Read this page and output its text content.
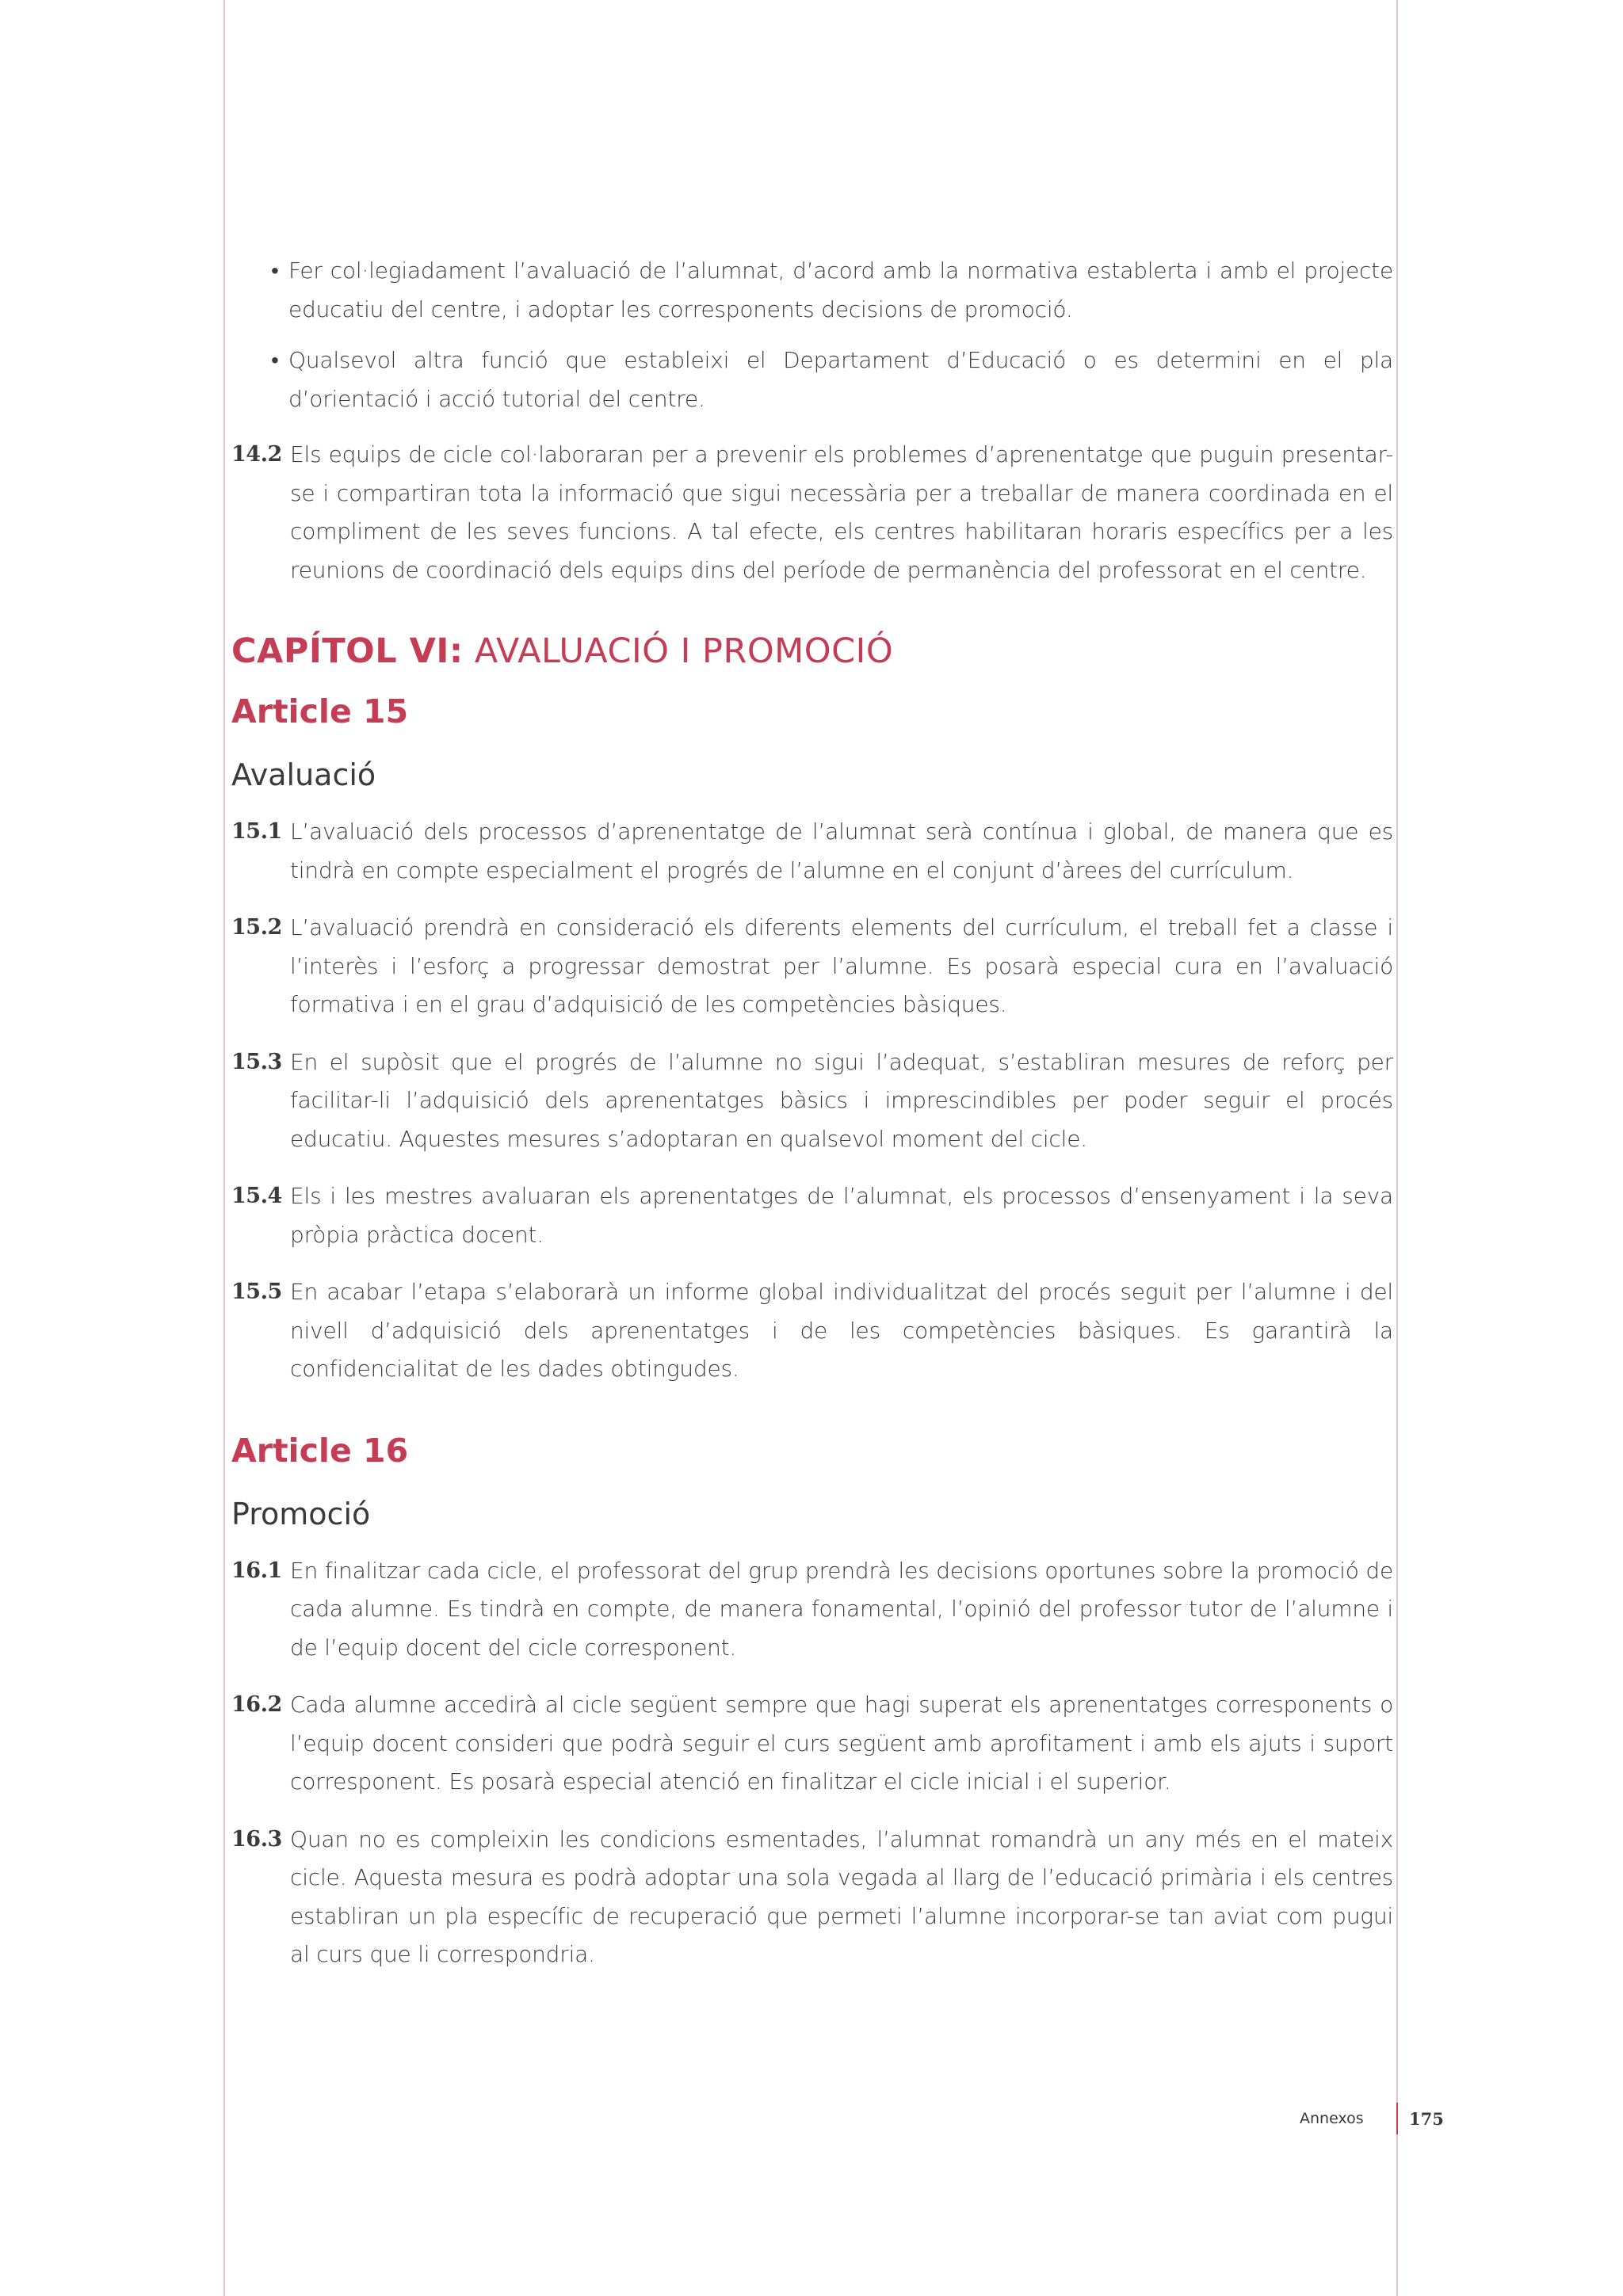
• Fer col·legiadament l’avaluació de l’alumnat, d’acord amb la normativa establerta i amb el projecte educatiu del centre, i adoptar les corresponents decisions de promoció.
• Qualsevol altra funció que estableixi el Departament d’Educació o es determini en el pla d’orientació i acció tutorial del centre.
14.2 Els equips de cicle col·laboraran per a prevenir els problemes d’aprenentatge que puguin presentar-se i compartiran tota la informació que sigui necessària per a treballar de manera coordinada en el compliment de les seves funcions. A tal efecte, els centres habilitaran horaris específics per a les reunions de coordinació dels equips dins del període de permanència del professorat en el centre.
CAPÍTOL VI: AVALUACIÓ I PROMOCIÓ
Article 15
Avaluació
15.1 L’avaluació dels processos d’aprenentatge de l’alumnat serà contínua i global, de manera que es tindrà en compte especialment el progrés de l’alumne en el conjunt d’àrees del currículum.
15.2 L’avaluació prendrà en consideració els diferents elements del currículum, el treball fet a classe i l’interès i l’esforç a progressar demostrat per l’alumne. Es posarà especial cura en l’avaluació formativa i en el grau d’adquisició de les competències bàsiques.
15.3 En el supòsit que el progrés de l’alumne no sigui l’adequat, s’establiran mesures de reforç per facilitar-li l’adquisició dels aprenentatges bàsics i imprescindibles per poder seguir el procés educatiu. Aquestes mesures s’adoptaran en qualsevol moment del cicle.
15.4 Els i les mestres avaluaran els aprenentatges de l’alumnat, els processos d’ensenyament i la seva pròpia pràctica docent.
15.5 En acabar l’etapa s’elaborarà un informe global individualitzat del procés seguit per l’alumne i del nivell d’adquisició dels aprenentatges i de les competències bàsiques. Es garantirà la confidencialitat de les dades obtingudes.
Article 16
Promoció
16.1 En finalitzar cada cicle, el professorat del grup prendrà les decisions oportunes sobre la promoció de cada alumne. Es tindrà en compte, de manera fonamental, l’opinió del professor tutor de l’alumne i de l’equip docent del cicle corresponent.
16.2 Cada alumne accedirà al cicle següent sempre que hagi superat els aprenentatges corresponents o l’equip docent consideri que podrà seguir el curs següent amb aprofitament i amb els ajuts i suport corresponent. Es posarà especial atenció en finalitzar el cicle inicial i el superior.
16.3 Quan no es compleixin les condicions esmentades, l’alumnat romandrà un any més en el mateix cicle. Aquesta mesura es podrà adoptar una sola vegada al llarg de l’educació primària i els centres establiran un pla específic de recuperació que permeti l’alumne incorporar-se tan aviat com pugui al curs que li correspondria.
Annexos	175
